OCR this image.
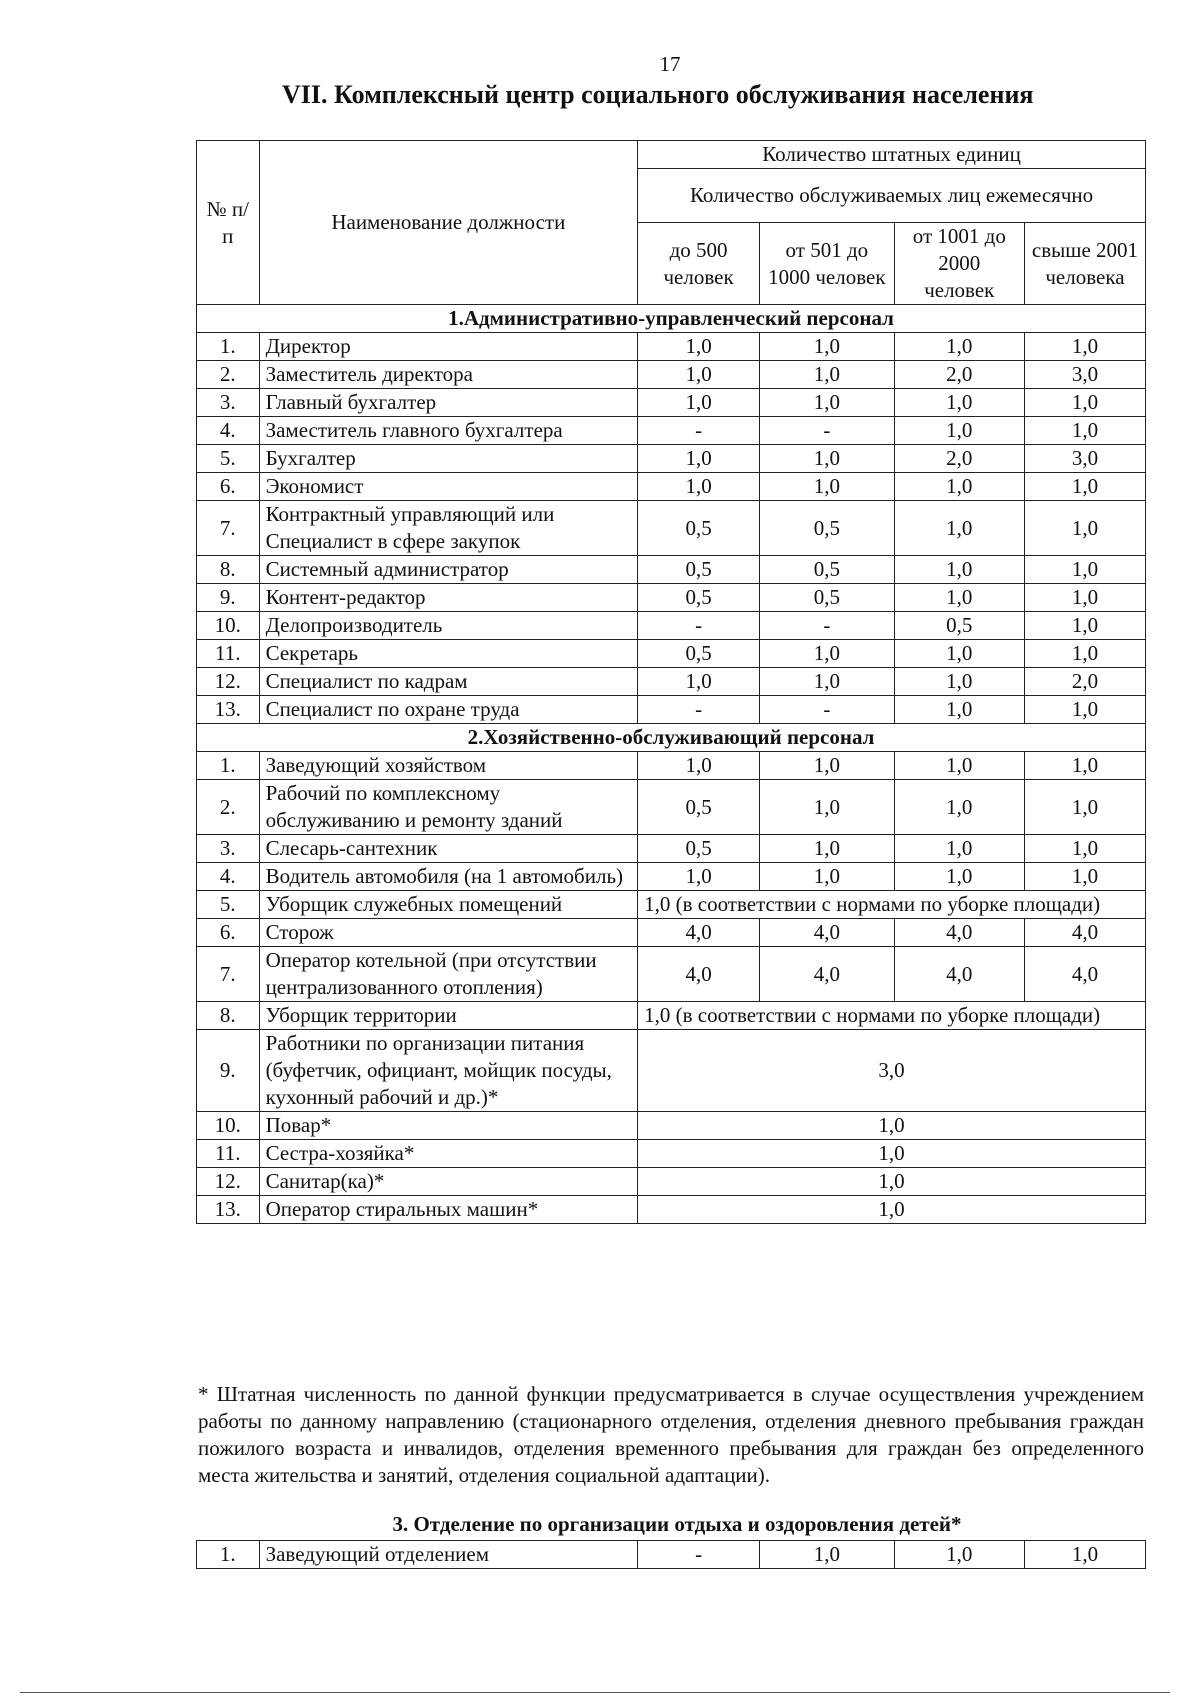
17
VII. Комплексный центр социального обслуживания населения
№ п/п	Наименование должности	Количество штатных единиц			
		Количество обслуживаемых лиц ежемесячно			
		до 500 человек	от 501 до 1000 человек	от 1001 до 2000 человек	свыше 2001 человека
1.Административно-управленческий персонал					
1.	Директор	1,0	1,0	1,0	1,0
2.	Заместитель директора	1,0	1,0	2,0	3,0
3.	Главный бухгалтер	1,0	1,0	1,0	1,0
4.	Заместитель главного бухгалтера	-	-	1,0	1,0
5.	Бухгалтер	1,0	1,0	2,0	3,0
6.	Экономист	1,0	1,0	1,0	1,0
7.	Контрактный управляющий или Специалист в сфере закупок	0,5	0,5	1,0	1,0
8.	Системный администратор	0,5	0,5	1,0	1,0
9.	Контент-редактор	0,5	0,5	1,0	1,0
10.	Делопроизводитель	-	-	0,5	1,0
11.	Секретарь	0,5	1,0	1,0	1,0
12.	Специалист по кадрам	1,0	1,0	1,0	2,0
13.	Специалист по охране труда	-	-	1,0	1,0
2.Хозяйственно-обслуживающий персонал					
1.	Заведующий хозяйством	1,0	1,0	1,0	1,0
2.	Рабочий по комплексному обслуживанию и ремонту зданий	0,5	1,0	1,0	1,0
3.	Слесарь-сантехник	0,5	1,0	1,0	1,0
4.	Водитель автомобиля (на 1 автомобиль)	1,0	1,0	1,0	1,0
5.	Уборщик служебных помещений	1,0 (в соответствии с нормами по уборке площади)			
6.	Сторож	4,0	4,0	4,0	4,0
7.	Оператор котельной (при отсутствии централизованного отопления)	4,0	4,0	4,0	4,0
8.	Уборщик территории	1,0 (в соответствии с нормами по уборке площади)			
9.	Работники по организации питания (буфетчик, официант, мойщик посуды, кухонный рабочий и др.)*	3,0			
10.	Повар*	1,0			
11.	Сестра-хозяйка*	1,0			
12.	Санитар(ка)*	1,0			
13.	Оператор стиральных машин*	1,0			
* Штатная численность по данной функции предусматривается в случае осуществления учреждением работы по данному направлению (стационарного отделения, отделения дневного пребывания граждан пожилого возраста и инвалидов, отделения временного пребывания для граждан без определенного места жительства и занятий, отделения социальной адаптации).
3. Отделение по организации отдыха и оздоровления детей*
1.	Заведующий отделением	-	1,0	1,0	1,0
